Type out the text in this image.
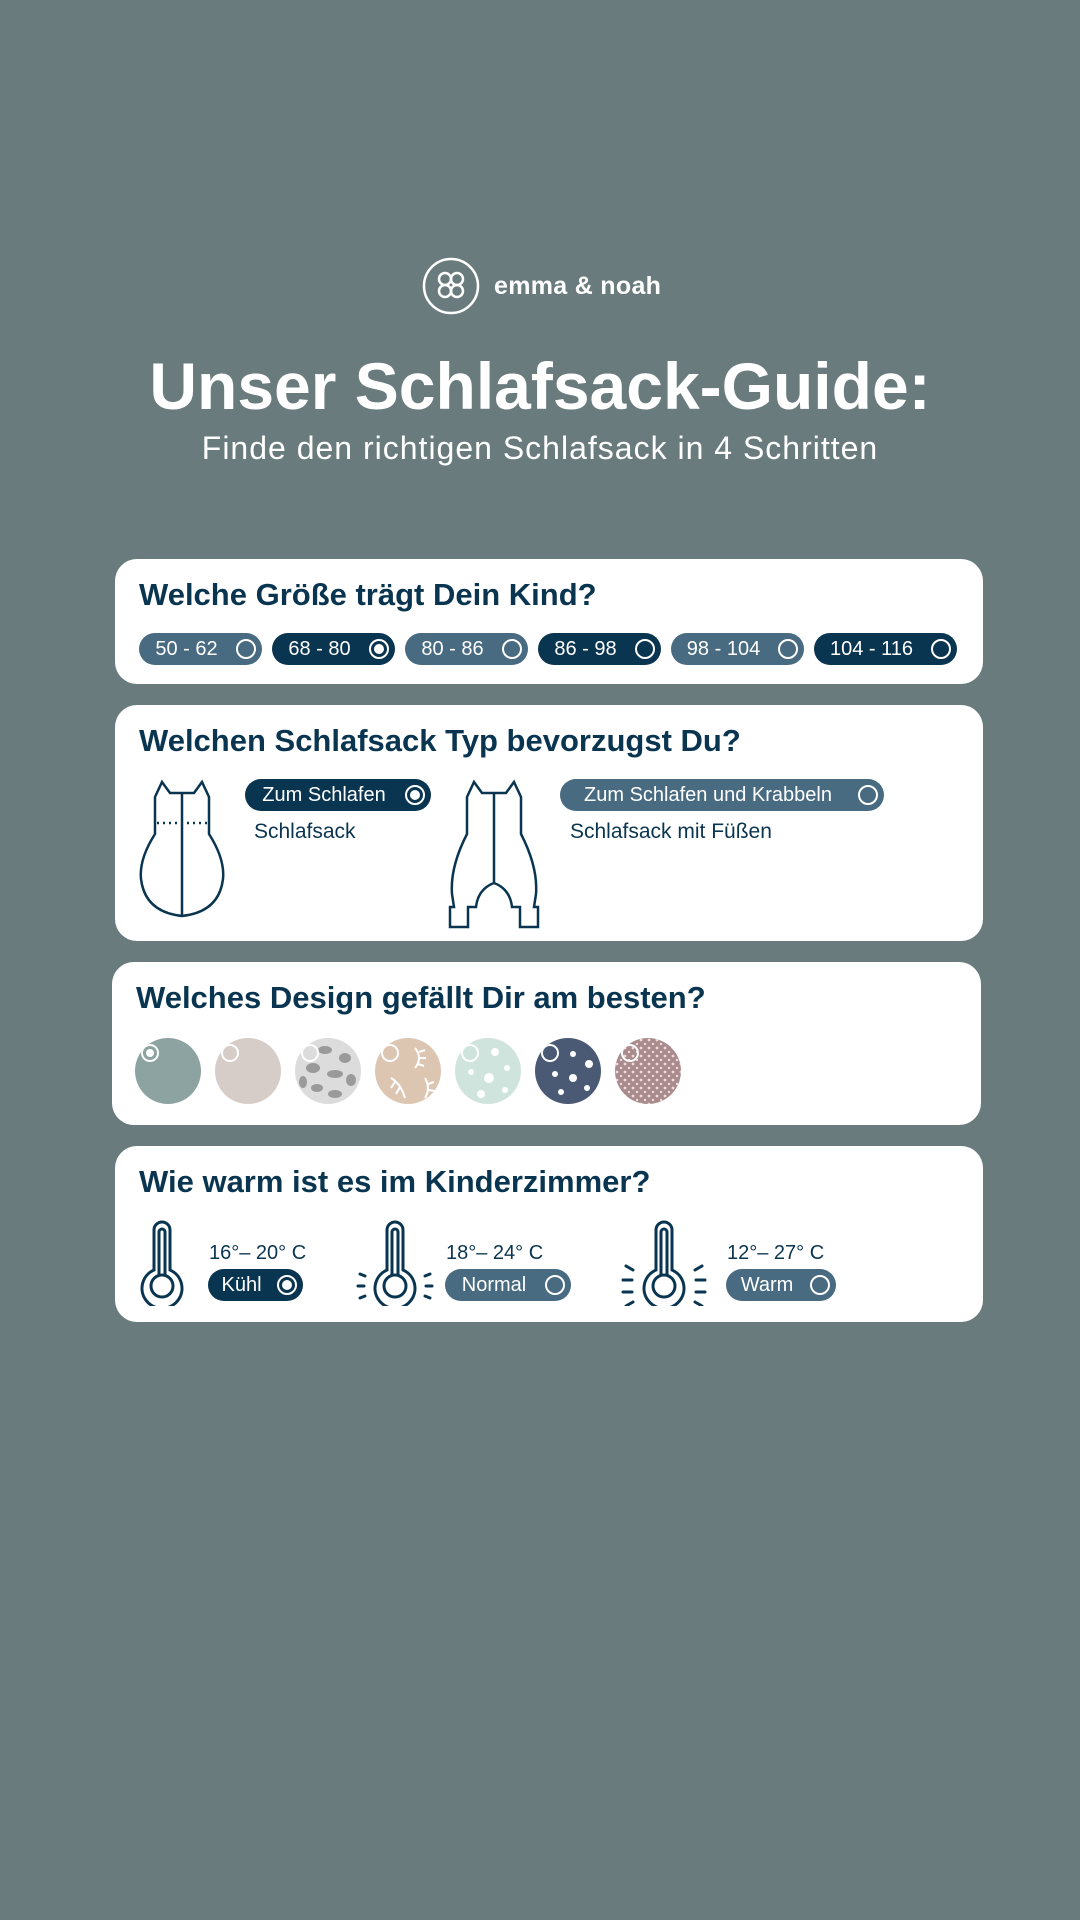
emma & noah
Unser Schlafsack-Guide:
Finde den richtigen Schlafsack in 4 Schritten
Welche Größe trägt Dein Kind?
50 - 62	68 - 80	80 - 86	86 - 98	98 - 104	104 - 116
Welchen Schlafsack Typ bevorzugst Du?
Zum Schlafen
Schlafsack
Zum Schlafen und Krabbeln
Schlafsack mit Füßen
Welches Design gefällt Dir am besten?
Wie warm ist es im Kinderzimmer?
16°– 20° C
Kühl
18°– 24° C
Normal
12°– 27° C
Warm
